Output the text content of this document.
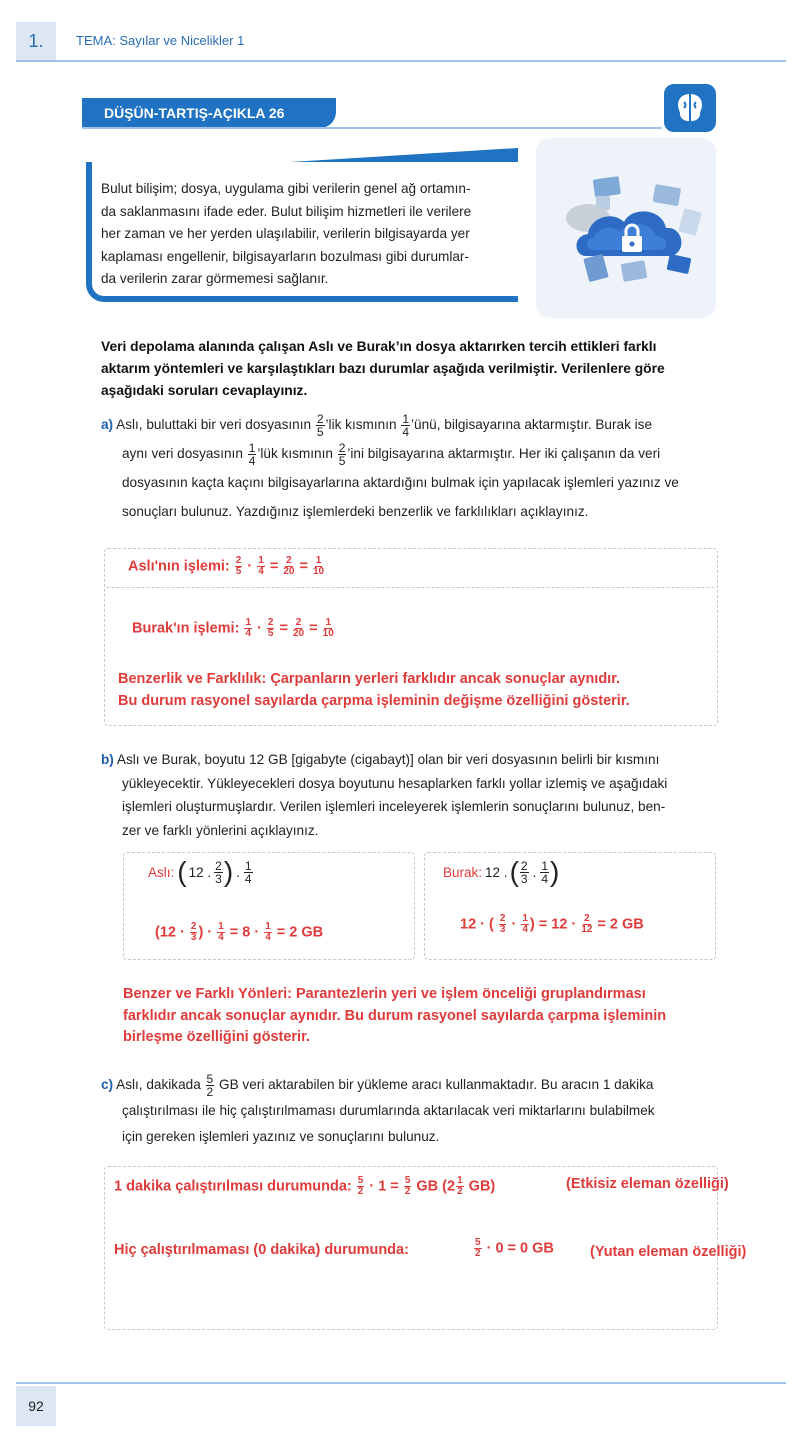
1.	TEMA: Sayılar ve Nicelikler 1
DÜŞÜN-TARTIŞ-AÇIKLA 26
Bulut bilişim; dosya, uygulama gibi verilerin genel ağ ortamın-
da saklanmasını ifade eder. Bulut bilişim hizmetleri ile verilere
her zaman ve her yerden ulaşılabilir, verilerin bilgisayarda yer
kaplaması engellenir, bilgisayarların bozulması gibi durumlar-
da verilerin zarar görmemesi sağlanır.
Veri depolama alanında çalışan Aslı ve Burak’ın dosya aktarırken tercih ettikleri farklı
aktarım yöntemleri ve karşılaştıkları bazı durumlar aşağıda verilmiştir. Verilenlere göre
aşağıdaki soruları cevaplayınız.
a) Aslı, buluttaki bir veri dosyasının $\frac{2}{5}$ ’lik kısmının $\frac{1}{4}$ ’ünü, bilgisayarına aktarmıştır. Burak ise
aynı veri dosyasının $\frac{1}{4}$ ’lük kısmının $\frac{2}{5}$ ’ini bilgisayarına aktarmıştır. Her iki çalışanın da veri
dosyasının kaçta kaçını bilgisayarlarına aktardığını bulmak için yapılacak işlemleri yazınız ve
sonuçları bulunuz. Yazdığınız işlemlerdeki benzerlik ve farklılıkları açıklayınız.
Aslı'nın işlemi: $\frac{2}{5} \cdot \frac{1}{4} = \frac{2}{20} = \frac{1}{10}$
Burak'ın işlemi: $\frac{1}{4} \cdot \frac{2}{5} = \frac{2}{20} = \frac{1}{10}$
Benzerlik ve Farklılık: Çarpanların yerleri farklıdır ancak sonuçlar aynıdır.
Bu durum rasyonel sayılarda çarpma işleminin değişme özelliğini gösterir.
b) Aslı ve Burak, boyutu 12 GB [gigabyte (cigabayt)] olan bir veri dosyasının belirli bir kısmını
yükleyecektir. Yükleyecekleri dosya boyutunu hesaplarken farklı yollar izlemiş ve aşağıdaki
işlemleri oluşturmuşlardır. Verilen işlemleri inceleyerek işlemlerin sonuçlarını bulunuz, ben-
zer ve farklı yönlerini açıklayınız.
Aslı: ( 12 . $\frac{2}{3}$ ) . $\frac{1}{4}$	Burak: 12 . ( $\frac{2}{3}$ . $\frac{1}{4}$ )
($12 \cdot \frac{2}{3}$ ) · $\frac{1}{4} = 8 \cdot \frac{1}{4} = 2$ GB	12 · ( $\frac{2}{3} \cdot \frac{1}{4}$ ) = $12 \cdot \frac{2}{12} = 2$ GB
Benzer ve Farklı Yönleri: Parantezlerin yeri ve işlem önceliği gruplandırması
farklıdır ancak sonuçlar aynıdır. Bu durum rasyonel sayılarda çarpma işleminin
birleşme özelliğini gösterir.
c) Aslı, dakikada $\frac{5}{2}$ GB veri aktarabilen bir yükleme aracı kullanmaktadır. Bu aracın 1 dakika
çalıştırılması ile hiç çalıştırılmaması durumlarında aktarılacak veri miktarlarını bulabilmek
için gereken işlemleri yazınız ve sonuçlarını bulunuz.
1 dakika çalıştırılması durumunda: $\frac{5}{2} \cdot 1 = \frac{5}{2}$ GB $(2 \frac{1}{2} GB)$	(Etkisiz eleman özelliği)
Hiç çalıştırılmaması (0 dakika) durumunda:	$\frac{5}{2} \cdot 0 = 0$ GB (Yutan eleman özelliği)
92
